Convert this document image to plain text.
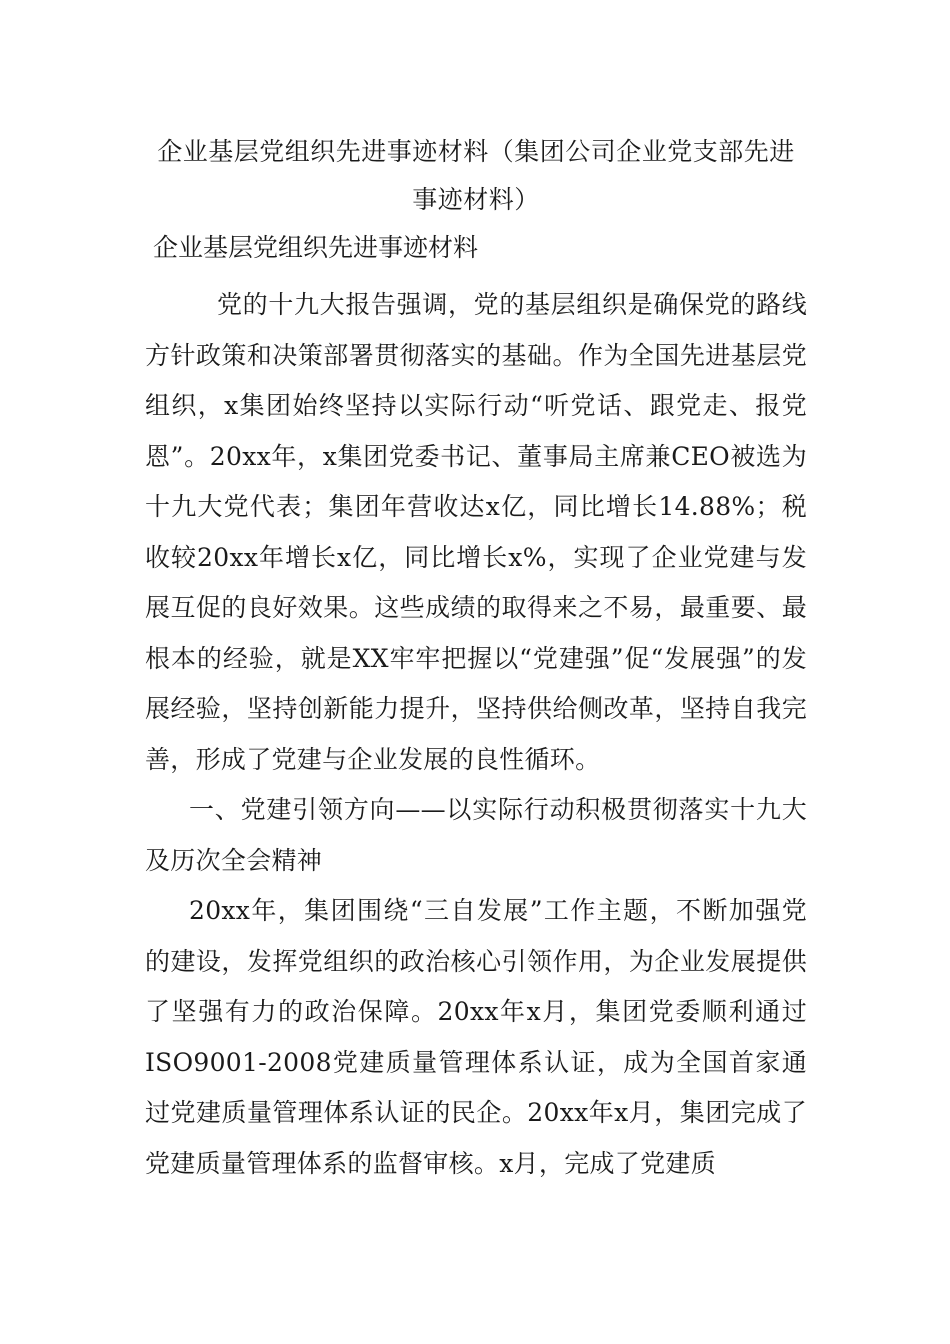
企业基层党组织先进事迹材料（集团公司企业党支部先进事迹材料）
企业基层党组织先进事迹材料

党的十九大报告强调，党的基层组织是确保党的路线方针政策和决策部署贯彻落实的基础。作为全国先进基层党组织，x集团始终坚持以实际行动“听党话、跟党走、报党恩”。20xx年，x集团党委书记、董事局主席兼CEO被选为十九大党代表；集团年营收达x亿，同比增长14.88%；税收较20xx年增长x亿，同比增长x%，实现了企业党建与发展互促的良好效果。这些成绩的取得来之不易，最重要、最根本的经验，就是XX牢牢把握以“党建强”促“发展强”的发展经验，坚持创新能力提升，坚持供给侧改革，坚持自我完善，形成了党建与企业发展的良性循环。

一、党建引领方向——以实际行动积极贯彻落实十九大及历次全会精神

20xx年，集团围绕“三自发展”工作主题，不断加强党的建设，发挥党组织的政治核心引领作用，为企业发展提供了坚强有力的政治保障。20xx年x月，集团党委顺利通过ISO9001-2008党建质量管理体系认证，成为全国首家通过党建质量管理体系认证的民企。20xx年x月，集团完成了党建质量管理体系的监督审核。x月，完成了党建质
